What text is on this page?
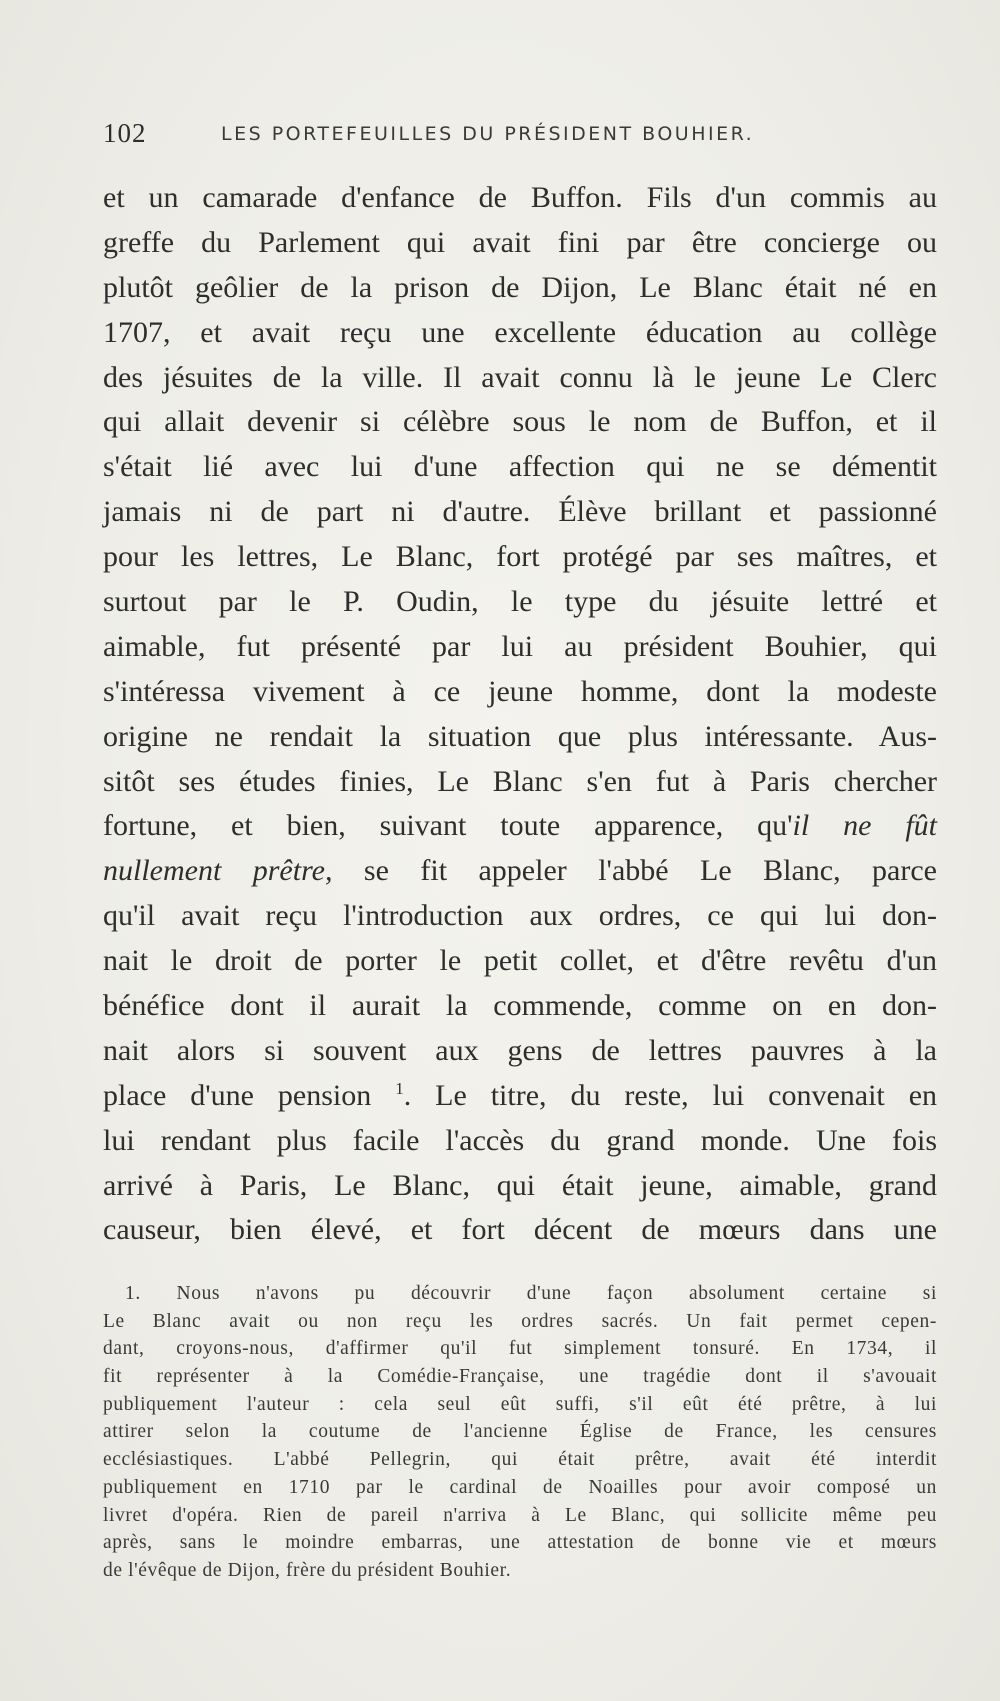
102	LES PORTEFEUILLES DU PRÉSIDENT BOUHIER.
et un camarade d'enfance de Buffon. Fils d'un commis au
greffe du Parlement qui avait fini par être concierge ou
plutôt geôlier de la prison de Dijon, Le Blanc était né en
1707, et avait reçu une excellente éducation au collège
des jésuites de la ville. Il avait connu là le jeune Le Clerc
qui allait devenir si célèbre sous le nom de Buffon, et il
s'était lié avec lui d'une affection qui ne se démentit
jamais ni de part ni d'autre. Élève brillant et passionné
pour les lettres, Le Blanc, fort protégé par ses maîtres, et
surtout par le P. Oudin, le type du jésuite lettré et
aimable, fut présenté par lui au président Bouhier, qui
s'intéressa vivement à ce jeune homme, dont la modeste
origine ne rendait la situation que plus intéressante. Aus-
sitôt ses études finies, Le Blanc s'en fut à Paris chercher
fortune, et bien, suivant toute apparence, qu'il ne fût
nullement prêtre, se fit appeler l'abbé Le Blanc, parce
qu'il avait reçu l'introduction aux ordres, ce qui lui don-
nait le droit de porter le petit collet, et d'être revêtu d'un
bénéfice dont il aurait la commende, comme on en don-
nait alors si souvent aux gens de lettres pauvres à la
place d'une pension $^1$. Le titre, du reste, lui convenait en
lui rendant plus facile l'accès du grand monde. Une fois
arrivé à Paris, Le Blanc, qui était jeune, aimable, grand
causeur, bien élevé, et fort décent de mœurs dans une
1. Nous n'avons pu découvrir d'une façon absolument certaine si
Le Blanc avait ou non reçu les ordres sacrés. Un fait permet cepen-
dant, croyons-nous, d'affirmer qu'il fut simplement tonsuré. En 1734, il
fit représenter à la Comédie-Française, une tragédie dont il s'avouait
publiquement l'auteur : cela seul eût suffi, s'il eût été prêtre, à lui
attirer selon la coutume de l'ancienne Église de France, les censures
ecclésiastiques. L'abbé Pellegrin, qui était prêtre, avait été interdit
publiquement en 1710 par le cardinal de Noailles pour avoir composé un
livret d'opéra. Rien de pareil n'arriva à Le Blanc, qui sollicite même peu
après, sans le moindre embarras, une attestation de bonne vie et mœurs
de l'évêque de Dijon, frère du président Bouhier.
